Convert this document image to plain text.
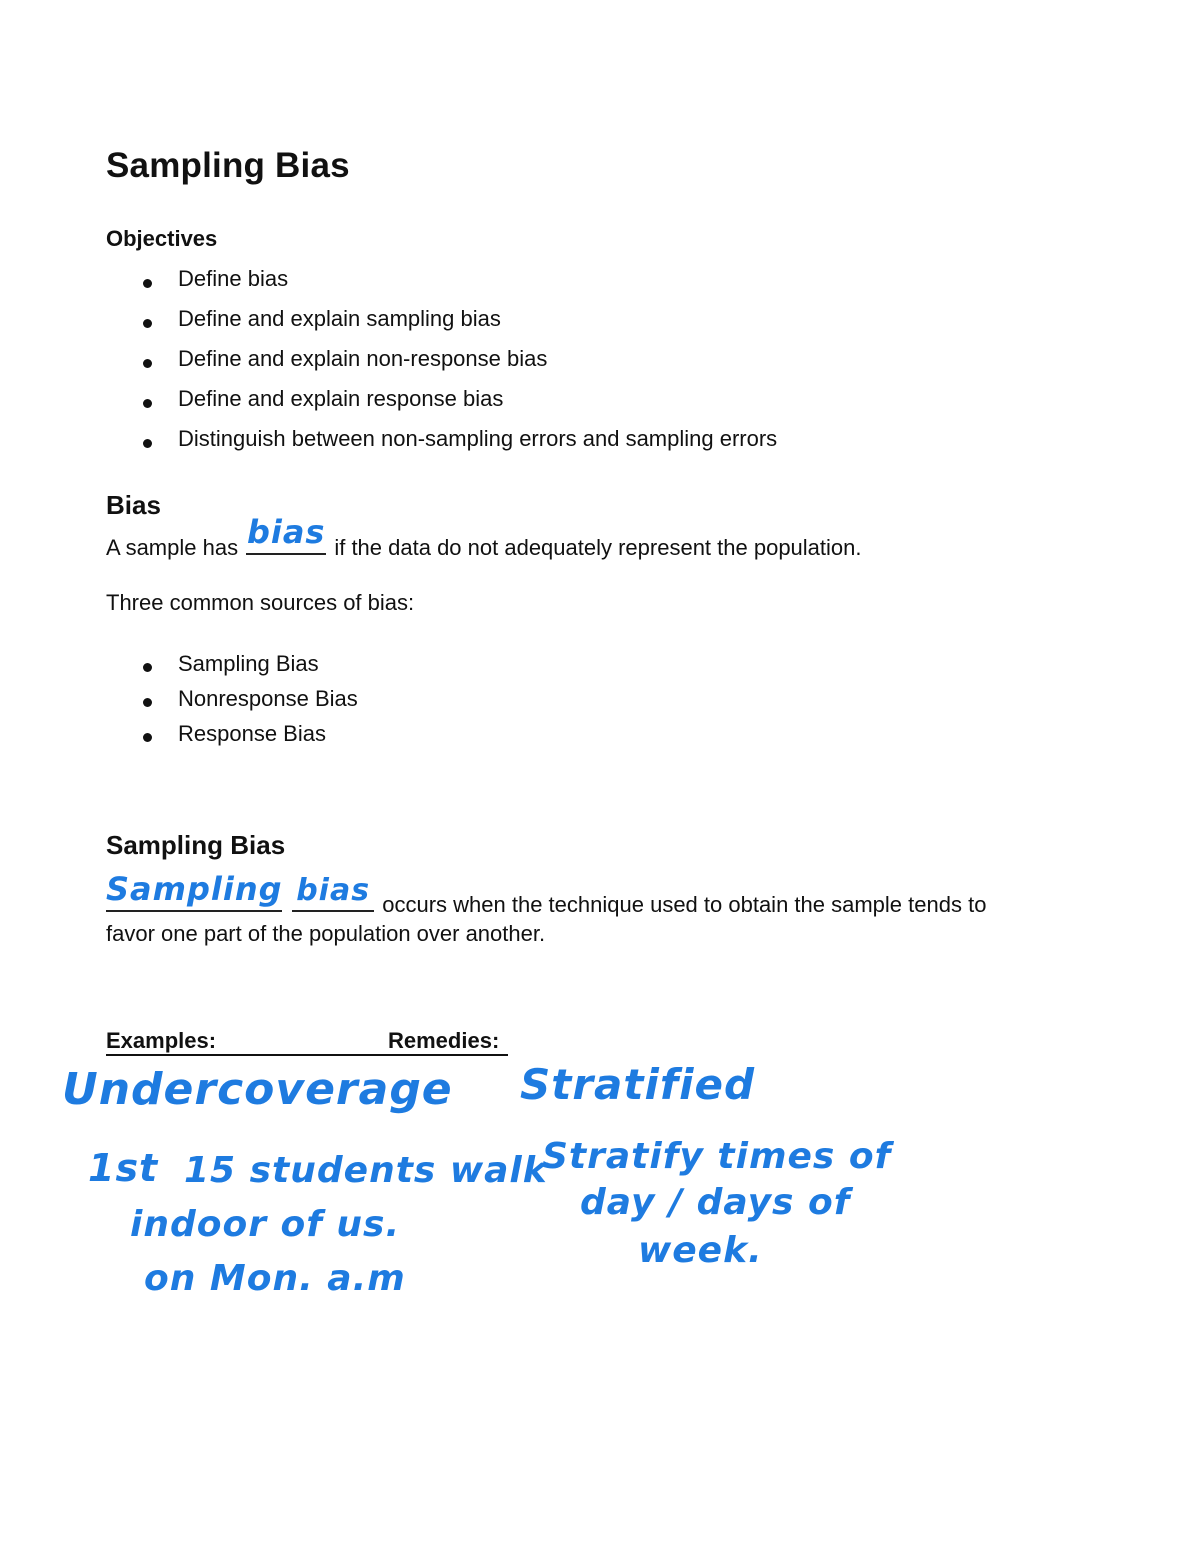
Sampling Bias
Objectives
Define bias
Define and explain sampling bias
Define and explain non-response bias
Define and explain response bias
Distinguish between non-sampling errors and sampling errors
Bias
A sample has bias if the data do not adequately represent the population.
Three common sources of bias:
Sampling Bias
Nonresponse Bias
Response Bias
Sampling Bias
Sampling
bias occurs when the technique used to obtain the sample tends to
favor one part of the population over another.
Examples:	Remedies:
Undercoverage
1st 15 students walk
indoor of us.
on Mon. a.m
Stratified
Stratify times of
day / days of
week.
